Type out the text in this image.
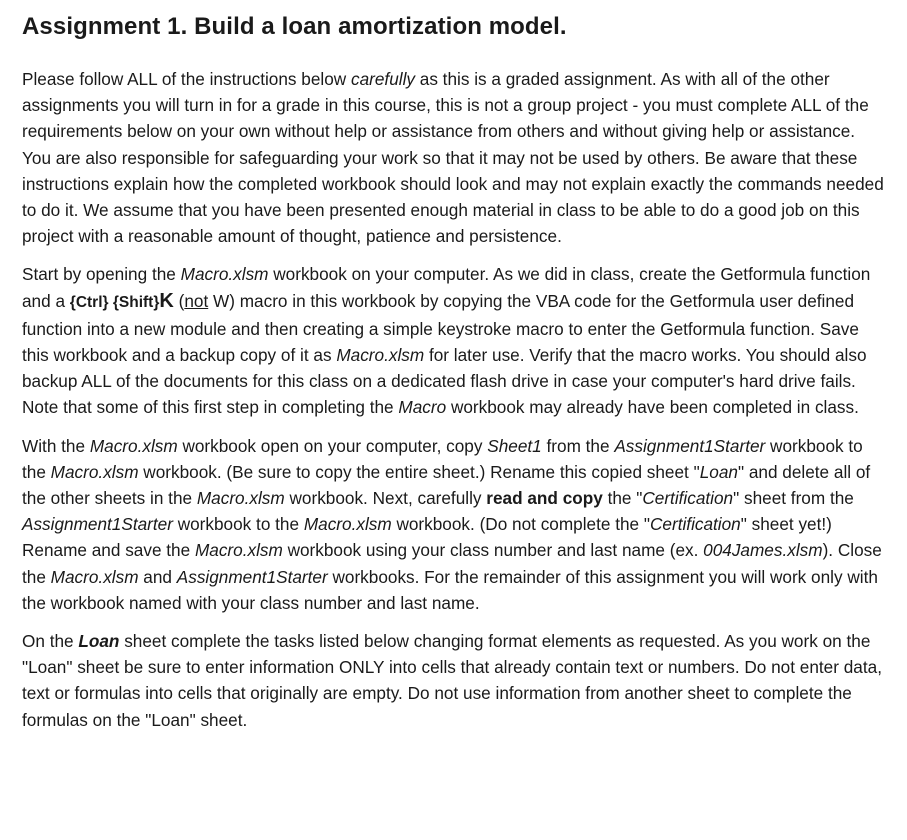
Assignment 1. Build a loan amortization model.

Please follow ALL of the instructions below carefully as this is a graded assignment. As with all of the other assignments you will turn in for a grade in this course, this is not a group project - you must complete ALL of the requirements below on your own without help or assistance from others and without giving help or assistance. You are also responsible for safeguarding your work so that it may not be used by others. Be aware that these instructions explain how the completed workbook should look and may not explain exactly the commands needed to do it. We assume that you have been presented enough material in class to be able to do a good job on this project with a reasonable amount of thought, patience and persistence.

Start by opening the Macro.xlsm workbook on your computer. As we did in class, create the Getformula function and a {Ctrl} {Shift}K (not W) macro in this workbook by copying the VBA code for the Getformula user defined function into a new module and then creating a simple keystroke macro to enter the Getformula function. Save this workbook and a backup copy of it as Macro.xlsm for later use. Verify that the macro works. You should also backup ALL of the documents for this class on a dedicated flash drive in case your computer's hard drive fails. Note that some of this first step in completing the Macro workbook may already have been completed in class.

With the Macro.xlsm workbook open on your computer, copy Sheet1 from the Assignment1Starter workbook to the Macro.xlsm workbook. (Be sure to copy the entire sheet.) Rename this copied sheet "Loan" and delete all of the other sheets in the Macro.xlsm workbook. Next, carefully read and copy the "Certification" sheet from the Assignment1Starter workbook to the Macro.xlsm workbook. (Do not complete the "Certification" sheet yet!) Rename and save the Macro.xlsm workbook using your class number and last name (ex. 004James.xlsm). Close the Macro.xlsm and Assignment1Starter workbooks. For the remainder of this assignment you will work only with the workbook named with your class number and last name.

On the Loan sheet complete the tasks listed below changing format elements as requested. As you work on the "Loan" sheet be sure to enter information ONLY into cells that already contain text or numbers. Do not enter data, text or formulas into cells that originally are empty. Do not use information from another sheet to complete the formulas on the "Loan" sheet.
